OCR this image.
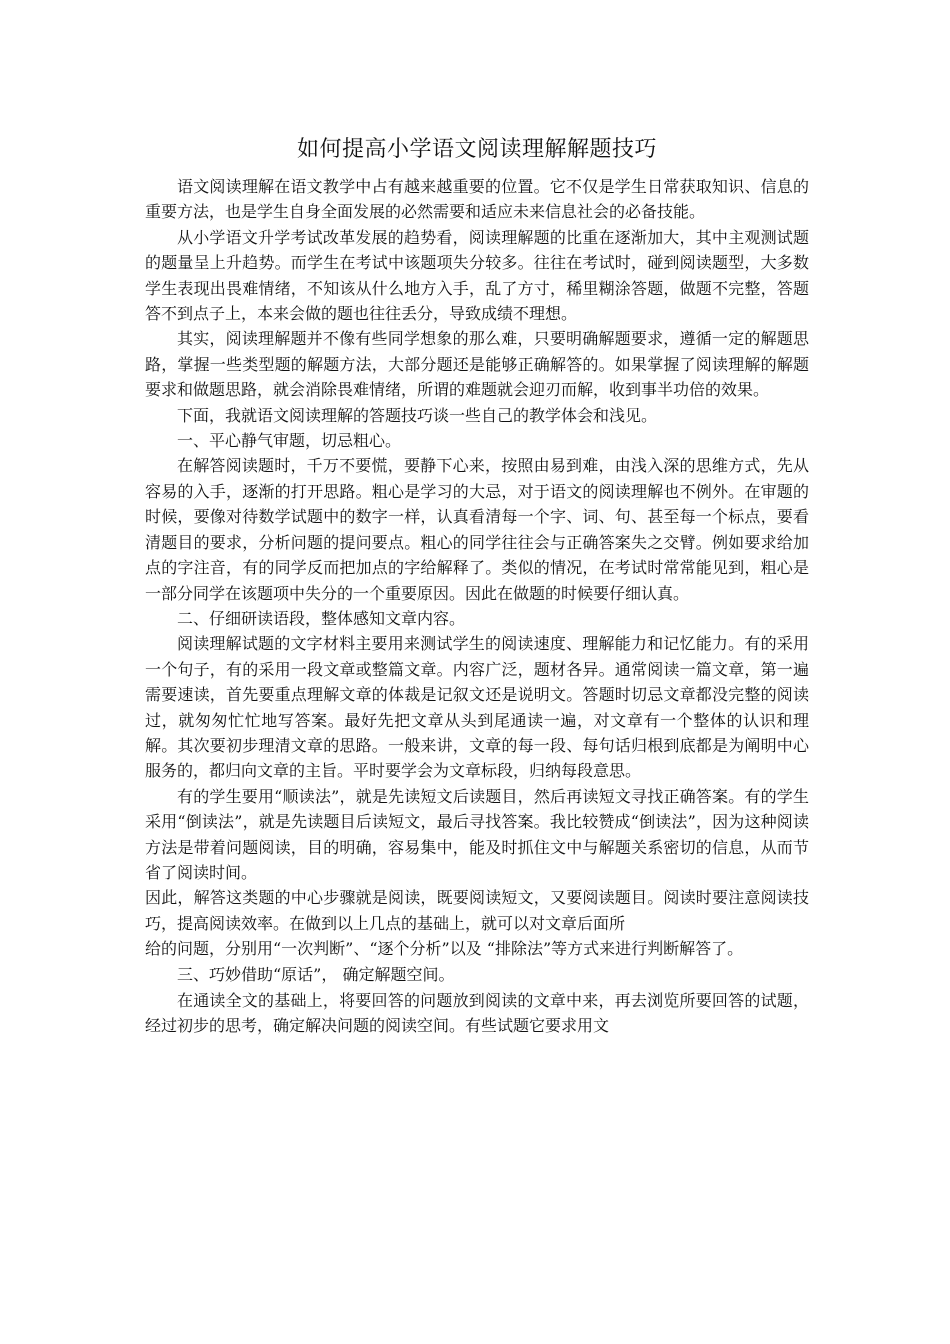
如何提高小学语文阅读理解解题技巧

语文阅读理解在语文教学中占有越来越重要的位置。它不仅是学生日常获取知识、信息的重要方法，也是学生自身全面发展的必然需要和适应未来信息社会的必备技能。

从小学语文升学考试改革发展的趋势看，阅读理解题的比重在逐渐加大，其中主观测试题的题量呈上升趋势。而学生在考试中该题项失分较多。往往在考试时，碰到阅读题型，大多数学生表现出畏难情绪，不知该从什么地方入手，乱了方寸，稀里糊涂答题，做题不完整，答题答不到点子上，本来会做的题也往往丢分，导致成绩不理想。

其实，阅读理解题并不像有些同学想象的那么难，只要明确解题要求，遵循一定的解题思路，掌握一些类型题的解题方法，大部分题还是能够正确解答的。如果掌握了阅读理解的解题要求和做题思路，就会消除畏难情绪，所谓的难题就会迎刃而解，收到事半功倍的效果。

下面，我就语文阅读理解的答题技巧谈一些自己的教学体会和浅见。

一、平心静气审题，切忌粗心。

在解答阅读题时，千万不要慌，要静下心来，按照由易到难，由浅入深的思维方式，先从容易的入手，逐渐的打开思路。粗心是学习的大忌，对于语文的阅读理解也不例外。在审题的时候，要像对待数学试题中的数字一样，认真看清每一个字、词、句、甚至每一个标点，要看清题目的要求，分析问题的提问要点。粗心的同学往往会与正确答案失之交臂。例如要求给加点的字注音，有的同学反而把加点的字给解释了。类似的情况，在考试时常常能见到，粗心是一部分同学在该题项中失分的一个重要原因。因此在做题的时候要仔细认真。

二、仔细研读语段，整体感知文章内容。

阅读理解试题的文字材料主要用来测试学生的阅读速度、理解能力和记忆能力。有的采用一个句子，有的采用一段文章或整篇文章。内容广泛，题材各异。通常阅读一篇文章，第一遍需要速读，首先要重点理解文章的体裁是记叙文还是说明文。答题时切忌文章都没完整的阅读过，就匆匆忙忙地写答案。最好先把文章从头到尾通读一遍，对文章有一个整体的认识和理解。其次要初步理清文章的思路。一般来讲，文章的每一段、每句话归根到底都是为阐明中心服务的，都归向文章的主旨。平时要学会为文章标段，归纳每段意思。

有的学生要用“顺读法”，就是先读短文后读题目，然后再读短文寻找正确答案。有的学生采用“倒读法”，就是先读题目后读短文，最后寻找答案。我比较赞成“倒读法”，因为这种阅读方法是带着问题阅读，目的明确，容易集中，能及时抓住文中与解题关系密切的信息，从而节省了阅读时间。

因此，解答这类题的中心步骤就是阅读，既要阅读短文，又要阅读题目。阅读时要注意阅读技巧，提高阅读效率。在做到以上几点的基础上，就可以对文章后面所

给的问题，分别用“一次判断”、“逐个分析”以及 “排除法”等方式来进行判断解答了。

三、巧妙借助“原话”， 确定解题空间。

在通读全文的基础上，将要回答的问题放到阅读的文章中来，再去浏览所要回答的试题，经过初步的思考，确定解决问题的阅读空间。有些试题它要求用文
